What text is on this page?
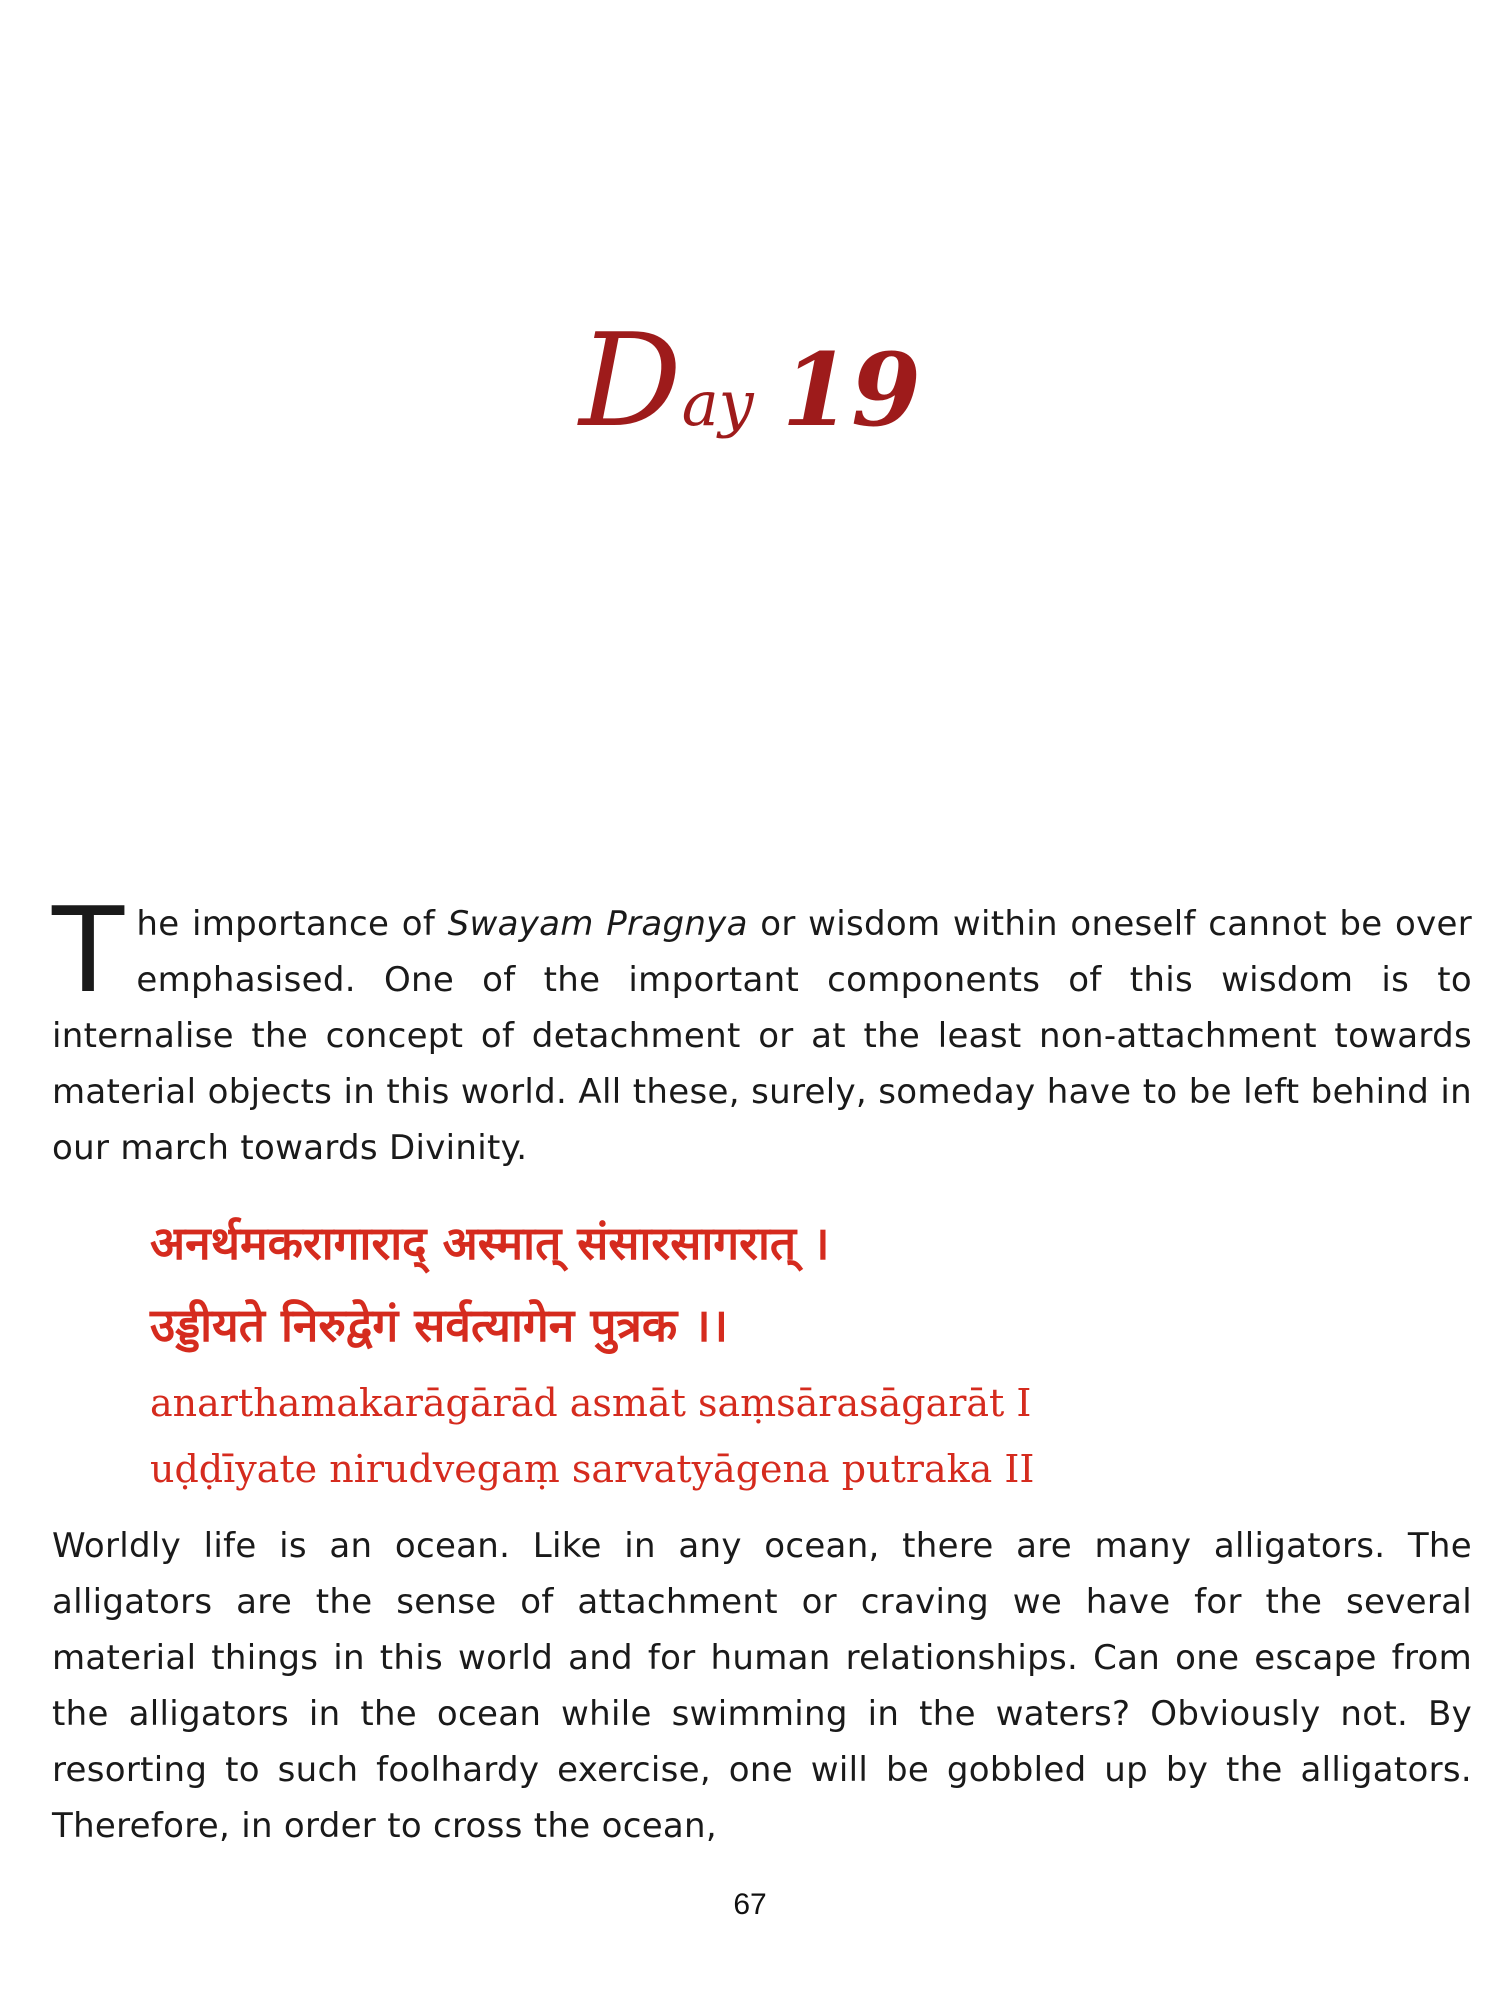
Day 19

The importance of Swayam Pragnya or wisdom within oneself cannot be over emphasised. One of the important components of this wisdom is to internalise the concept of detachment or at the least non-attachment towards material objects in this world. All these, surely, someday have to be left behind in our march towards Divinity.

अनर्थमकरागाराद् अस्मात् संसारसागरात् ।

उड्डीयते निरुद्वेगं सर्वत्यागेन पुत्रक ।।

anarthamakarāgārād asmāt saṃsārasāgarāt I

uḍḍīyate nirudvegaṃ sarvatyāgena putraka II

Worldly life is an ocean. Like in any ocean, there are many alligators. The alligators are the sense of attachment or craving we have for the several material things in this world and for human relationships. Can one escape from the alligators in the ocean while swimming in the waters? Obviously not. By resorting to such foolhardy exercise, one will be gobbled up by the alligators. Therefore, in order to cross the ocean,

67
